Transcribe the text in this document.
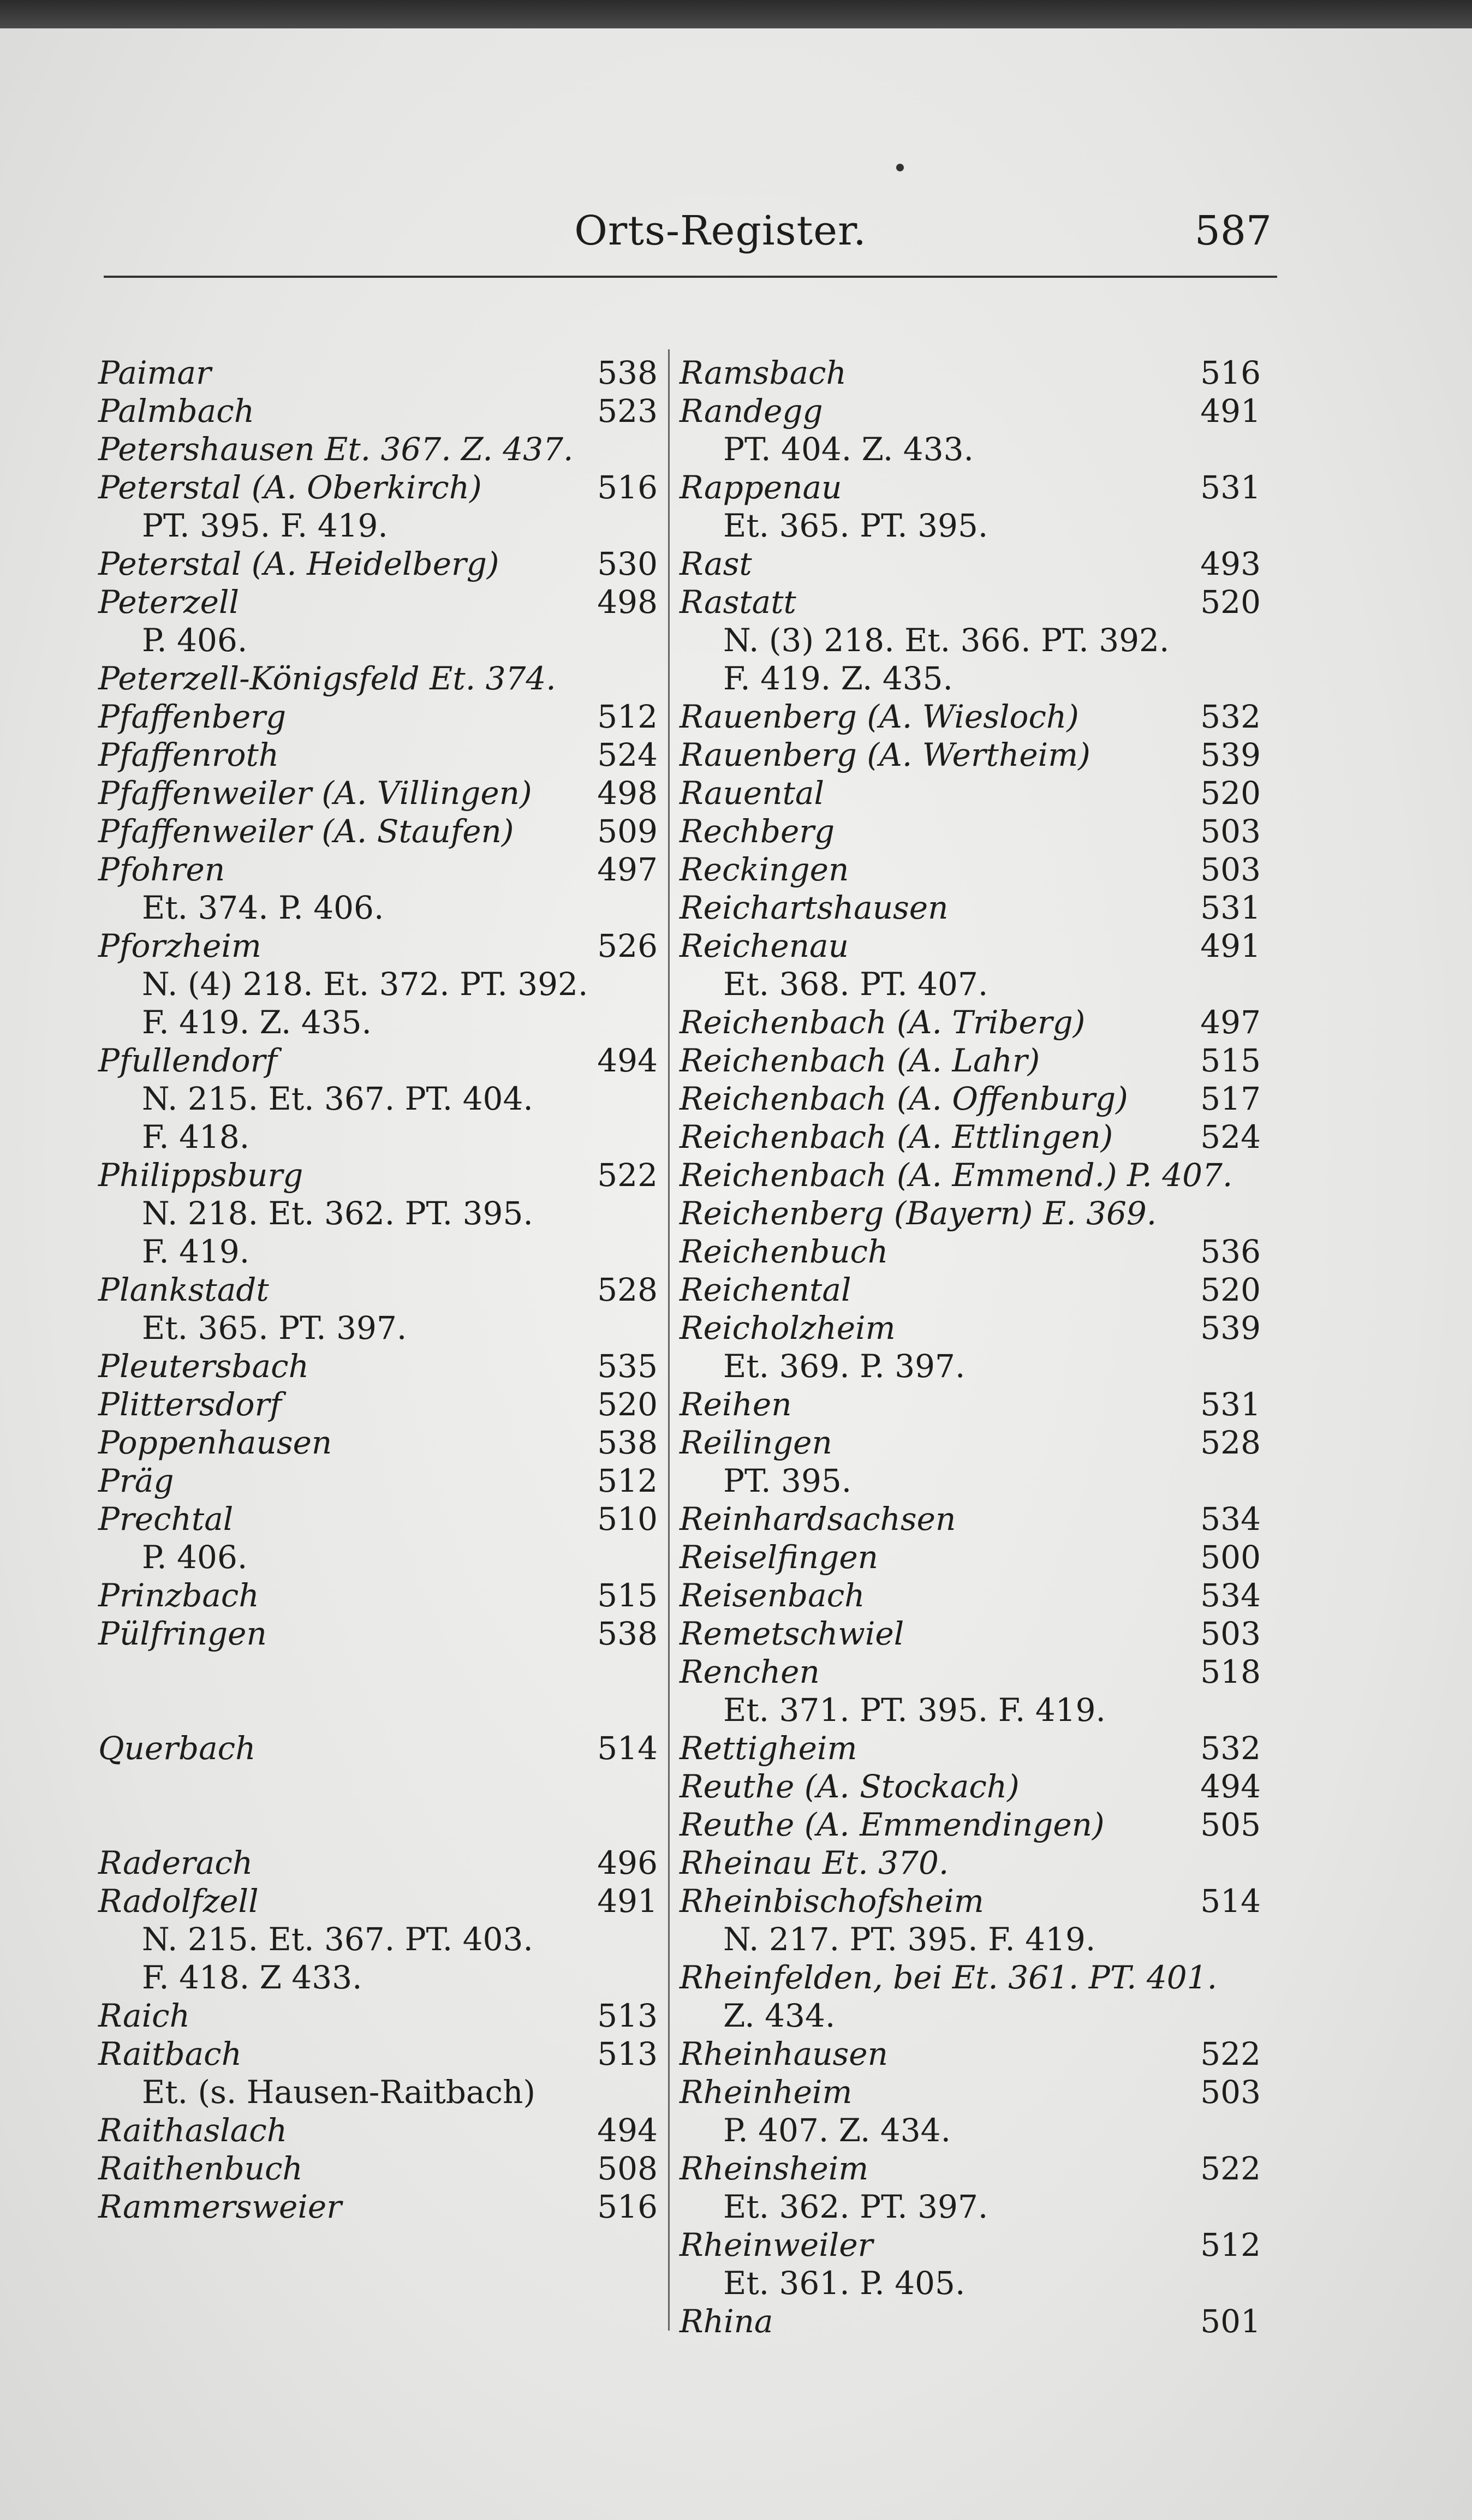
Orts-Register.	587
Paimar	538
Palmbach	523
Petershausen Et. 367. Z. 437.
Peterstal (A. Oberkirch)	516
PT. 395. F. 419.
Peterstal (A. Heidelberg)	530
Peterzell	498
P. 406.
Peterzell-Königsfeld Et. 374.
Pfaffenberg	512
Pfaffenroth	524
Pfaffenweiler (A. Villingen) 498
Pfaffenweiler (A. Staufen)	509
Pfohren	497
Et. 374. P. 406.
Pforzheim	526
N. (4) 218. Et. 372. PT. 392.
F. 419. Z. 435.
Pfullendorf	494
N. 215. Et. 367. PT. 404.
F. 418.
Philippsburg	522
N. 218. Et. 362. PT. 395.
F. 419.
Plankstadt	528
Et. 365. PT. 397.
Pleutersbach	535
Plittersdorf	520
Poppenhausen	538
Präg	512
Prechtal	510
P. 406.
Prinzbach	515
Pülfringen	538
Querbach	514
Raderach	496
Radolfzell	491
N. 215. Et. 367. PT. 403.
F. 418. Z 433.
Raich	513
Raitbach	513
Et. (s. Hausen-Raitbach)
Raithaslach	494
Raithenbuch	508
Rammersweier	516
Ramsbach	516
Randegg	491
PT. 404. Z. 433.
Rappenau	531
Et. 365. PT. 395.
Rast	493
Rastatt	520
N. (3) 218. Et. 366. PT. 392.
F. 419. Z. 435.
Rauenberg (A. Wiesloch)	532
Rauenberg (A. Wertheim)	539
Rauental	520
Rechberg	503
Reckingen	503
Reichartshausen	531
Reichenau	491
Et. 368. PT. 407.
Reichenbach (A. Triberg)	497
Reichenbach (A. Lahr)	515
Reichenbach (A. Offenburg) 517
Reichenbach (A. Ettlingen)	524
Reichenbach (A. Emmend.) P. 407.
Reichenberg (Bayern) E. 369.
Reichenbuch	536
Reichental	520
Reicholzheim	539
Et. 369. P. 397.
Reihen	531
Reilingen	528
PT. 395.
Reinhardsachsen	534
Reiselfingen	500
Reisenbach	534
Remetschwiel	503
Renchen	518
Et. 371. PT. 395. F. 419.
Rettigheim	532
Reuthe (A. Stockach)	494
Reuthe (A. Emmendingen)	505
Rheinau Et. 370.
Rheinbischofsheim	514
N. 217. PT. 395. F. 419.
Rheinfelden, bei Et. 361. PT. 401.
Z. 434.
Rheinhausen	522
Rheinheim	503
P. 407. Z. 434.
Rheinsheim	522
Et. 362. PT. 397.
Rheinweiler	512
Et. 361. P. 405.
Rhina	501
